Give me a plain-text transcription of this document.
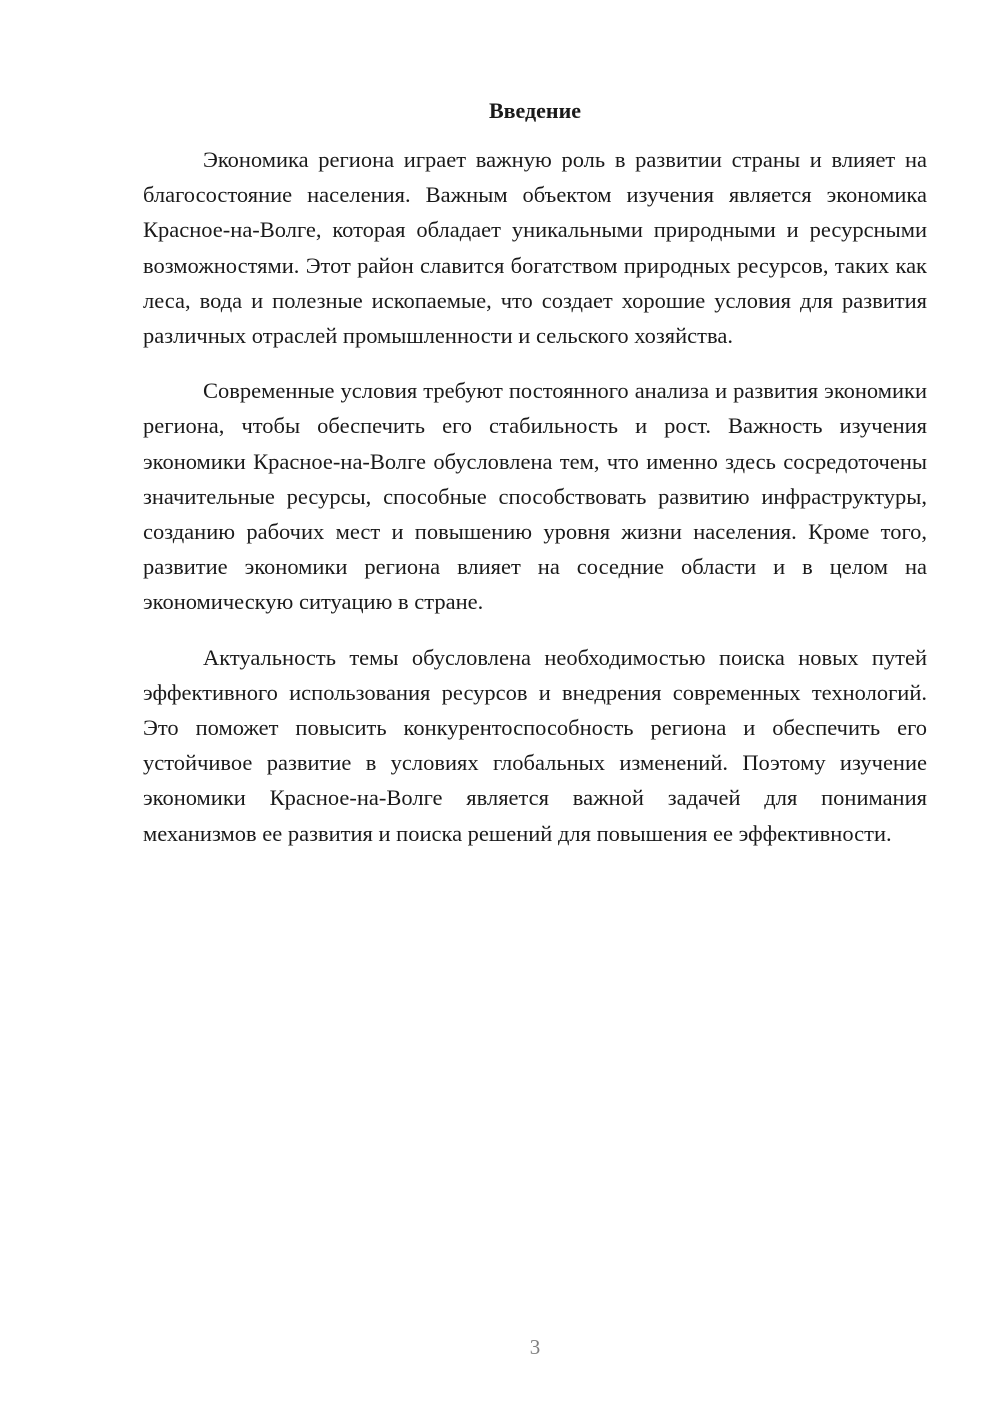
Введение

Экономика региона играет важную роль в развитии страны и влияет на благосостояние населения. Важным объектом изучения является экономика Красное-на-Волге, которая обладает уникальными природными и ресурсными возможностями. Этот район славится богатством природных ресурсов, таких как леса, вода и полезные ископаемые, что создает хорошие условия для развития различных отраслей промышленности и сельского хозяйства.

Современные условия требуют постоянного анализа и развития экономики региона, чтобы обеспечить его стабильность и рост. Важность изучения экономики Красное-на-Волге обусловлена тем, что именно здесь сосредоточены значительные ресурсы, способные способствовать развитию инфраструктуры, созданию рабочих мест и повышению уровня жизни населения. Кроме того, развитие экономики региона влияет на соседние области и в целом на экономическую ситуацию в стране.

Актуальность темы обусловлена необходимостью поиска новых путей эффективного использования ресурсов и внедрения современных технологий. Это поможет повысить конкурентоспособность региона и обеспечить его устойчивое развитие в условиях глобальных изменений. Поэтому изучение экономики Красное-на-Волге является важной задачей для понимания механизмов ее развития и поиска решений для повышения ее эффективности.

3
